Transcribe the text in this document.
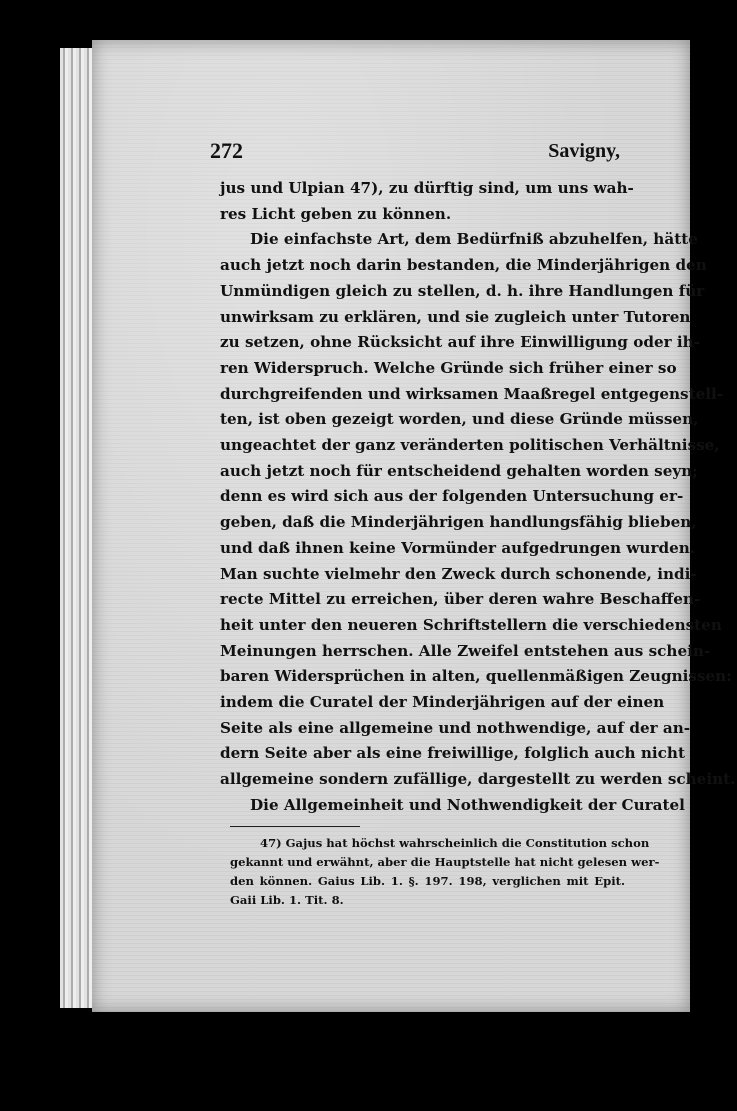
272	Savigny,
jus und Ulpian 47), zu dürftig sind, um uns wah-
res Licht geben zu können.
Die einfachste Art, dem Bedürfniß abzuhelfen, hätte
auch jetzt noch darin bestanden, die Minderjährigen den
Unmündigen gleich zu stellen, d. h. ihre Handlungen für
unwirksam zu erklären, und sie zugleich unter Tutoren
zu setzen, ohne Rücksicht auf ihre Einwilligung oder ih-
ren Widerspruch. Welche Gründe sich früher einer so
durchgreifenden und wirksamen Maaßregel entgegenstell-
ten, ist oben gezeigt worden, und diese Gründe müssen,
ungeachtet der ganz veränderten politischen Verhältnisse,
auch jetzt noch für entscheidend gehalten worden seyn;
denn es wird sich aus der folgenden Untersuchung er-
geben, daß die Minderjährigen handlungsfähig blieben,
und daß ihnen keine Vormünder aufgedrungen wurden.
Man suchte vielmehr den Zweck durch schonende, indi-
recte Mittel zu erreichen, über deren wahre Beschaffen-
heit unter den neueren Schriftstellern die verschiedensten
Meinungen herrschen. Alle Zweifel entstehen aus schein-
baren Widersprüchen in alten, quellenmäßigen Zeugnissen:
indem die Curatel der Minderjährigen auf der einen
Seite als eine allgemeine und nothwendige, auf der an-
dern Seite aber als eine freiwillige, folglich auch nicht
allgemeine sondern zufällige, dargestellt zu werden scheint.
Die Allgemeinheit und Nothwendigkeit der Curatel
47) Gajus hat höchst wahrscheinlich die Constitution schon
gekannt und erwähnt, aber die Hauptstelle hat nicht gelesen wer-
den können. Gaius Lib. 1. §. 197. 198, verglichen mit Epit.
Gaii Lib. 1. Tit. 8.
